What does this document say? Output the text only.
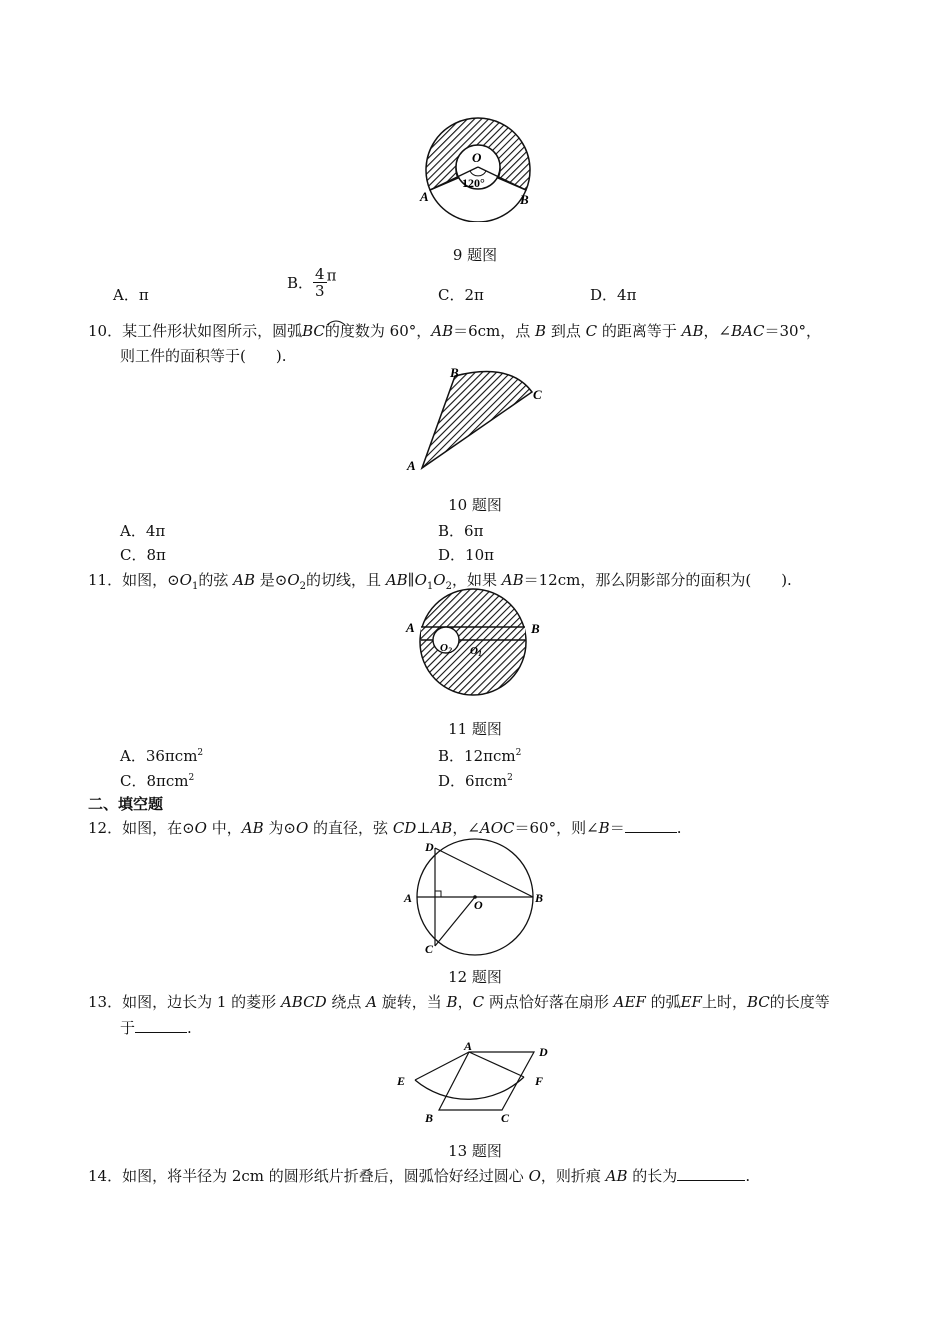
O
120°
A	B
9 题图
A．π
B． $\frac{4}{3}$ π
C．2π	D．4π
10．某工件形状如图所示，圆弧BC的度数为 60°，AB＝6cm，点 B 到点 C 的距离等于 AB，∠BAC＝30°，
则工件的面积等于(　　).
B
C
A
10 题图
A．4π	B．6π
C．8π	D．10π
11．如图，$⊙O_1$的弦 AB 是$⊙O_2$的切线，且 $AB\parallel O_1O_2$，如果 AB＝12cm，那么阴影部分的面积为(　　).
A	B
O2 O1
11 题图
A．36πcm$^2$	B．12πcm$^2$
C．8πcm$^2$	D．6πcm$^2$
二、填空题
12．如图，在⊙O 中，AB 为⊙O 的直径，弦 CD⊥AB，∠AOC＝60°，则∠B＝	.
D
A	O	B
C
12 题图
13．如图，边长为 1 的菱形 ABCD 绕点 A 旋转，当 B，C 两点恰好落在扇形 AEF 的弧EF上时，BC的长度等
于	.
A	D
E	F
B	C
13 题图
14．如图，将半径为 2cm 的圆形纸片折叠后，圆弧恰好经过圆心 O，则折痕 AB 的长为	.
